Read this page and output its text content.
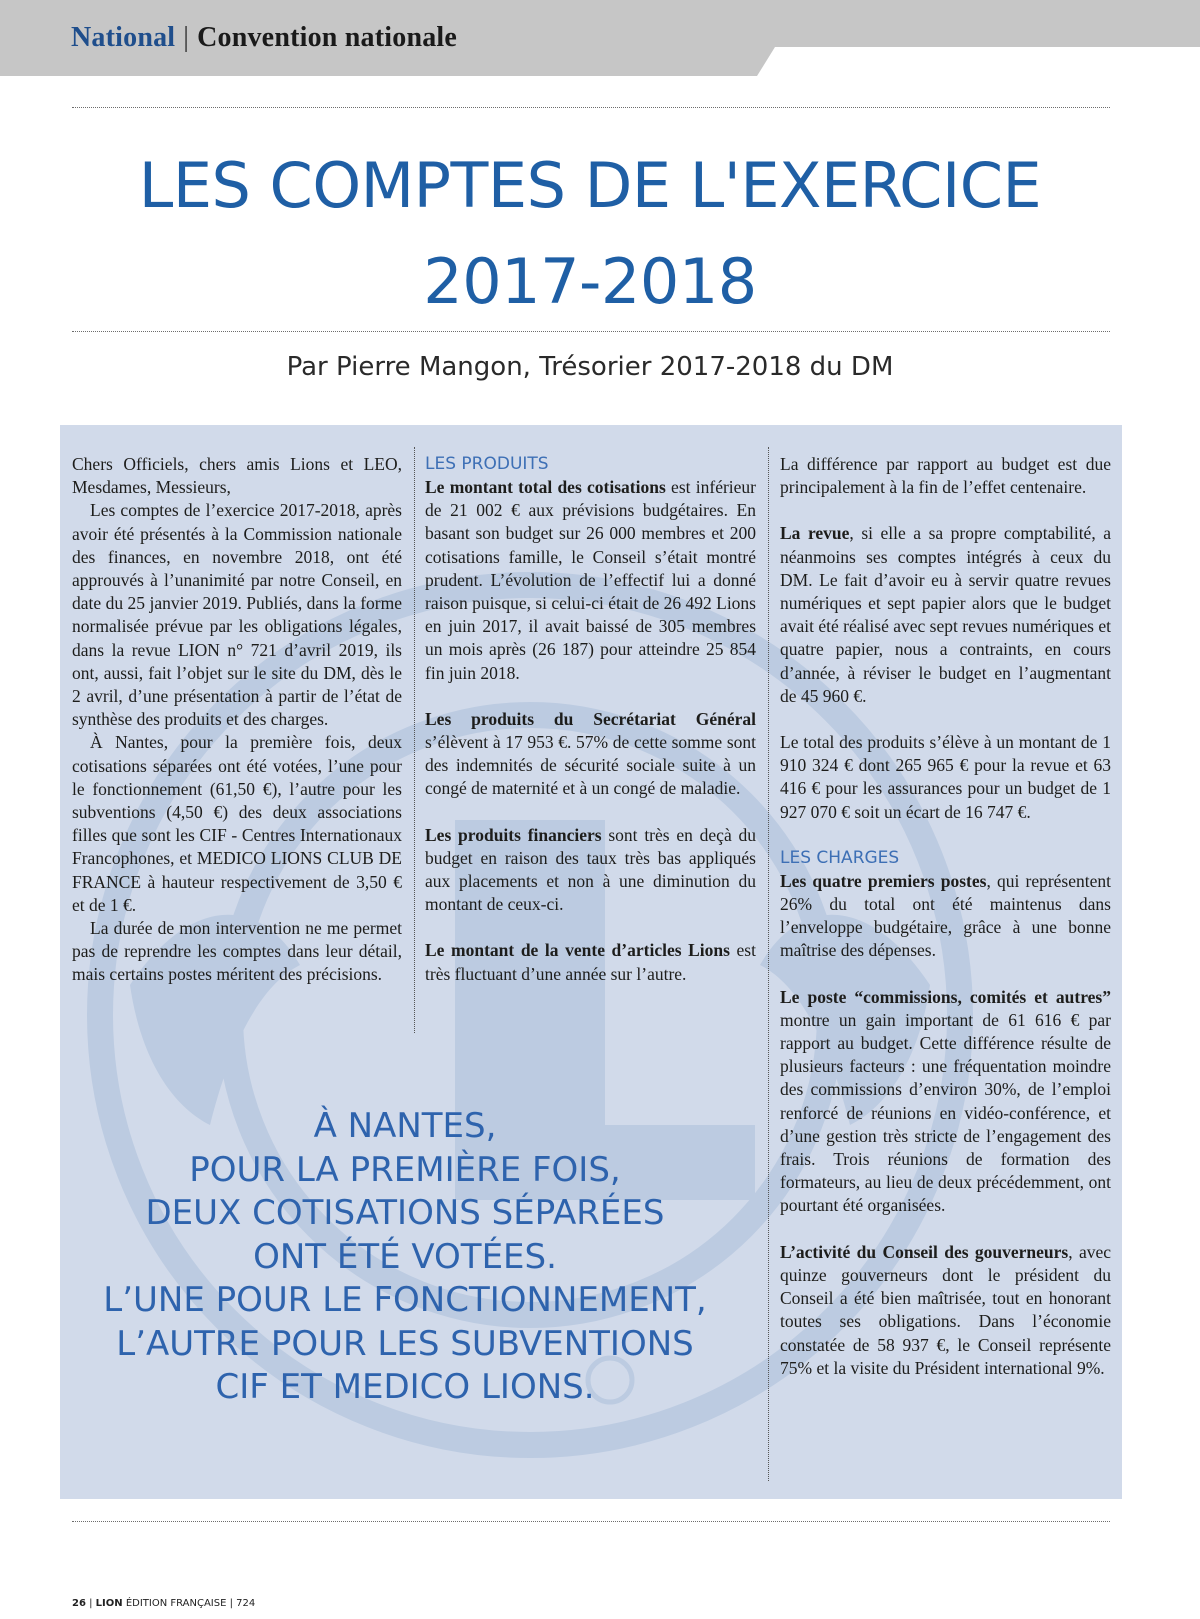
National | Convention nationale
LES COMPTES DE L'EXERCICE
2017-2018

Par Pierre Mangon, Trésorier 2017-2018 du DM

Chers Officiels, chers amis Lions et LEO, Mesdames, Messieurs,

Les comptes de l’exercice 2017-2018, après avoir été présentés à la Commission nationale des finances, en novembre 2018, ont été approuvés à l’unanimité par notre Conseil, en date du 25 janvier 2019. Publiés, dans la forme normalisée prévue par les obligations légales, dans la revue LION n° 721 d’avril 2019, ils ont, aussi, fait l’objet sur le site du DM, dès le 2 avril, d’une présentation à partir de l’état de synthèse des produits et des charges.

À Nantes, pour la première fois, deux cotisations séparées ont été votées, l’une pour le fonctionnement (61,50 €), l’autre pour les subventions (4,50 €) des deux associations filles que sont les CIF - Centres Internationaux Francophones, et MEDICO LIONS CLUB DE FRANCE à hauteur respectivement de 3,50 € et de 1 €.

La durée de mon intervention ne me permet pas de reprendre les comptes dans leur détail, mais certains postes méritent des précisions.

LES PRODUITS

Le montant total des cotisations est inférieur de 21 002 € aux prévisions budgétaires. En basant son budget sur 26 000 membres et 200 cotisations famille, le Conseil s’était montré prudent. L’évolution de l’effectif lui a donné raison puisque, si celui-ci était de 26 492 Lions en juin 2017, il avait baissé de 305 membres un mois après (26 187) pour atteindre 25 854 fin juin 2018.

Les produits du Secrétariat Général s’élèvent à 17 953 €. 57% de cette somme sont des indemnités de sécurité sociale suite à un congé de maternité et à un congé de maladie.

Les produits financiers sont très en deçà du budget en raison des taux très bas appliqués aux placements et non à une diminution du montant de ceux-ci.

Le montant de la vente d’articles Lions est très fluctuant d’une année sur l’autre.

La différence par rapport au budget est due principalement à la fin de l’effet centenaire.

La revue, si elle a sa propre comptabilité, a néanmoins ses comptes intégrés à ceux du DM. Le fait d’avoir eu à servir quatre revues numériques et sept papier alors que le budget avait été réalisé avec sept revues numériques et quatre papier, nous a contraints, en cours d’année, à réviser le budget en l’augmentant de 45 960 €.

Le total des produits s’élève à un montant de 1 910 324 € dont 265 965 € pour la revue et 63 416 € pour les assurances pour un budget de 1 927 070 € soit un écart de 16 747 €.

LES CHARGES

Les quatre premiers postes, qui représentent 26% du total ont été maintenus dans l’enveloppe budgétaire, grâce à une bonne maîtrise des dépenses.

Le poste “commissions, comités et autres” montre un gain important de 61 616 € par rapport au budget. Cette différence résulte de plusieurs facteurs : une fréquentation moindre des commissions d’environ 30%, de l’emploi renforcé de réunions en vidéo-conférence, et d’une gestion très stricte de l’engagement des frais. Trois réunions de formation des formateurs, au lieu de deux précédemment, ont pourtant été organisées.

L’activité du Conseil des gouverneurs, avec quinze gouverneurs dont le président du Conseil a été bien maîtrisée, tout en honorant toutes ses obligations. Dans l’économie constatée de 58 937 €, le Conseil représente 75% et la visite du Président international 9%.

À NANTES,
POUR LA PREMIÈRE FOIS,
DEUX COTISATIONS SÉPARÉES
ONT ÉTÉ VOTÉES.
L’UNE POUR LE FONCTIONNEMENT,
L’AUTRE POUR LES SUBVENTIONS
CIF ET MEDICO LIONS.
26 | LION ÉDITION FRANÇAISE | 724
